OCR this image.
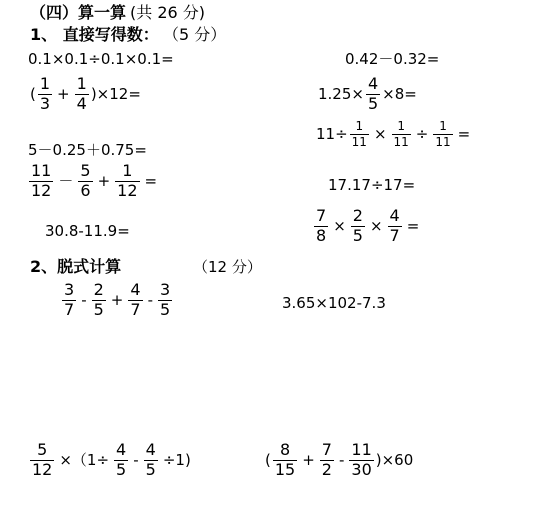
（四）算一算 (共 26 分)
1、 直接写得数： （5 分）
0.1×0.1÷0.1×0.1=	0.42－0.32=
( $\frac{1}{3} + \frac{1}{4} )\times 12=$	$1.25\times \frac{4}{5} \times 8=$
5－0.25＋0.75=
$11\div \frac{1}{11} \times \frac{1}{11} \div \frac{1}{11}$ =
$\frac{11}{12} - \frac{5}{6} + \frac{1}{12}$ =	17.17÷17=
30.8-11.9=	$\frac{7}{8} \times \frac{2}{5} \times \frac{4}{7}$ =
2、脱式计算	（12 分）
$\frac{3}{7} - \frac{2}{5} + \frac{4}{7} - \frac{3}{5}$	3.65×102-7.3
$\frac{5}{12} \times(1\div \frac{4}{5} - \frac{4}{5} \div 1)$	( $\frac{8}{15} + \frac{7}{2} - \frac{11}{30} )\times 60$
